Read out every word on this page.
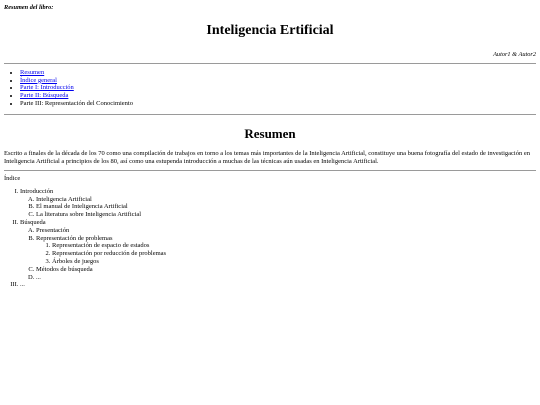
Resumen del libro:

Inteligencia Ertificial

Autor1 & Autor2

• Resumen
• Índice general
• Parte I: Introducción
• Parte II: Búsqueda
• Parte III: Representación del Conocimiento
Resumen

Escrito a finales de la década de los 70 como una compilación de trabajos en torno a los temas más importantes de la Inteligencia Artificial, constituye una buena fotografía del estado de investigación en Inteligencia Artificial a principios de los 80, así como una estupenda introducción a muchas de las técnicas aún usadas en Inteligencia Artificial.

Índice
I. Introducción
A. Inteligencia Artificial
B. El manual de Inteligencia Artificial
C. La literatura sobre Inteligencia Artificial
II. Búsqueda
A. Presentación
B. Representación de problemas
1. Representación de espacio de estados
2. Representación por reducción de problemas
3. Árboles de juegos
C. Métodos de búsqueda
D. ...
III. ...
